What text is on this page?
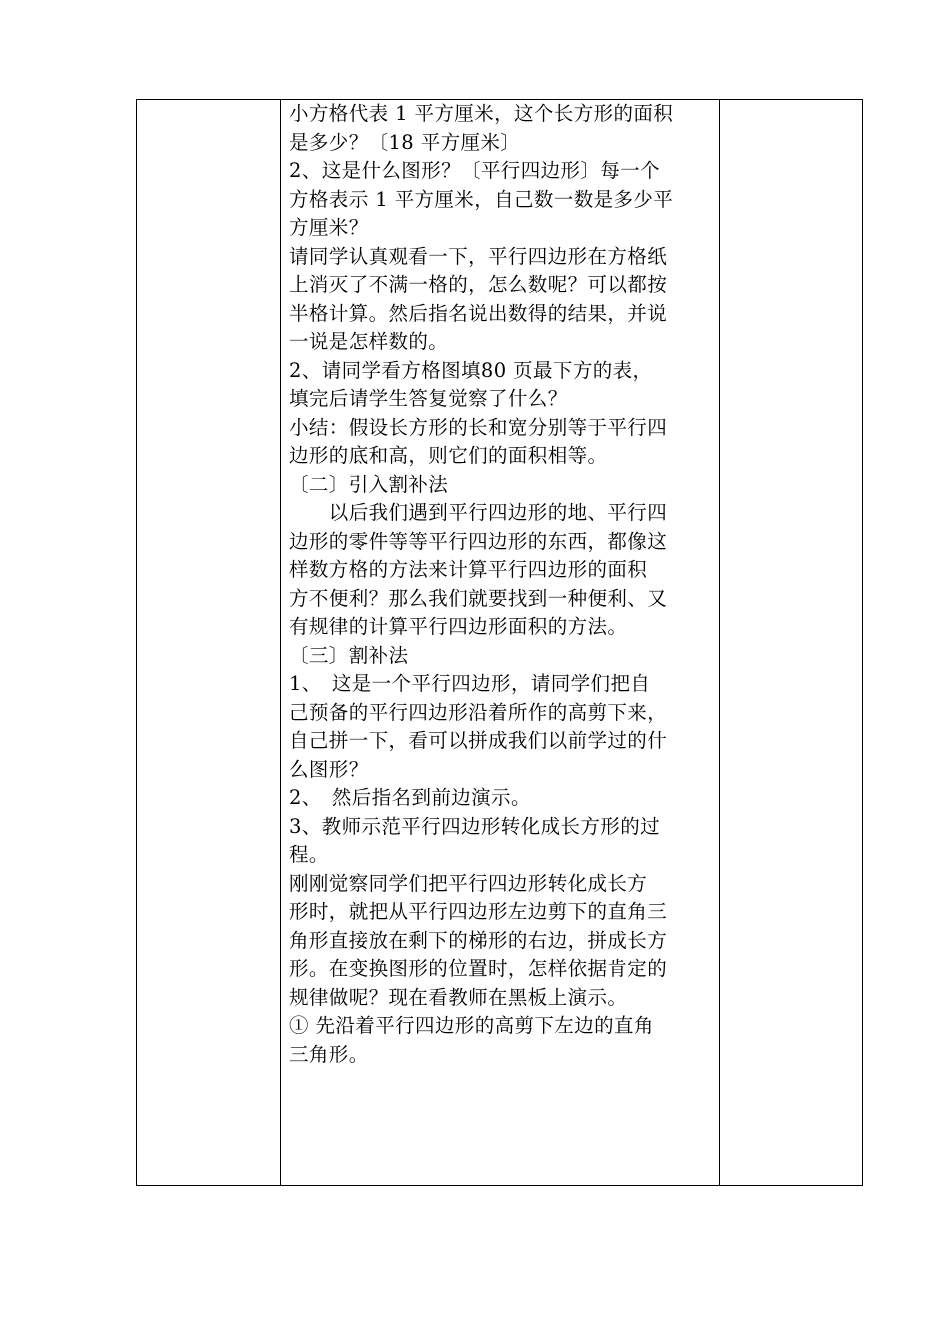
小方格代表 1 平方厘米，这个长方形的面积

是多少？〔18 平方厘米〕

2、这是什么图形？〔平行四边形〕每一个

方格表示 1 平方厘米，自己数一数是多少平

方厘米？

请同学认真观看一下，平行四边形在方格纸

上消灭了不满一格的，怎么数呢？可以都按

半格计算。然后指名说出数得的结果，并说

一说是怎样数的。

2、请同学看方格图填80 页最下方的表，

填完后请学生答复觉察了什么？

小结：假设长方形的长和宽分别等于平行四

边形的底和高，则它们的面积相等。

〔二〕引入割补法

　　以后我们遇到平行四边形的地、平行四

边形的零件等等平行四边形的东西，都像这

样数方格的方法来计算平行四边形的面积

方不便利？那么我们就要找到一种便利、又

有规律的计算平行四边形面积的方法。

〔三〕割补法

1、　这是一个平行四边形，请同学们把自

己预备的平行四边形沿着所作的高剪下来，

自己拼一下，看可以拼成我们以前学过的什

么图形？

2、　然后指名到前边演示。

3、教师示范平行四边形转化成长方形的过

程。

刚刚觉察同学们把平行四边形转化成长方

形时，就把从平行四边形左边剪下的直角三

角形直接放在剩下的梯形的右边，拼成长方

形。在变换图形的位置时，怎样依据肯定的

规律做呢？现在看教师在黑板上演示。

① 先沿着平行四边形的高剪下左边的直角

三角形。
